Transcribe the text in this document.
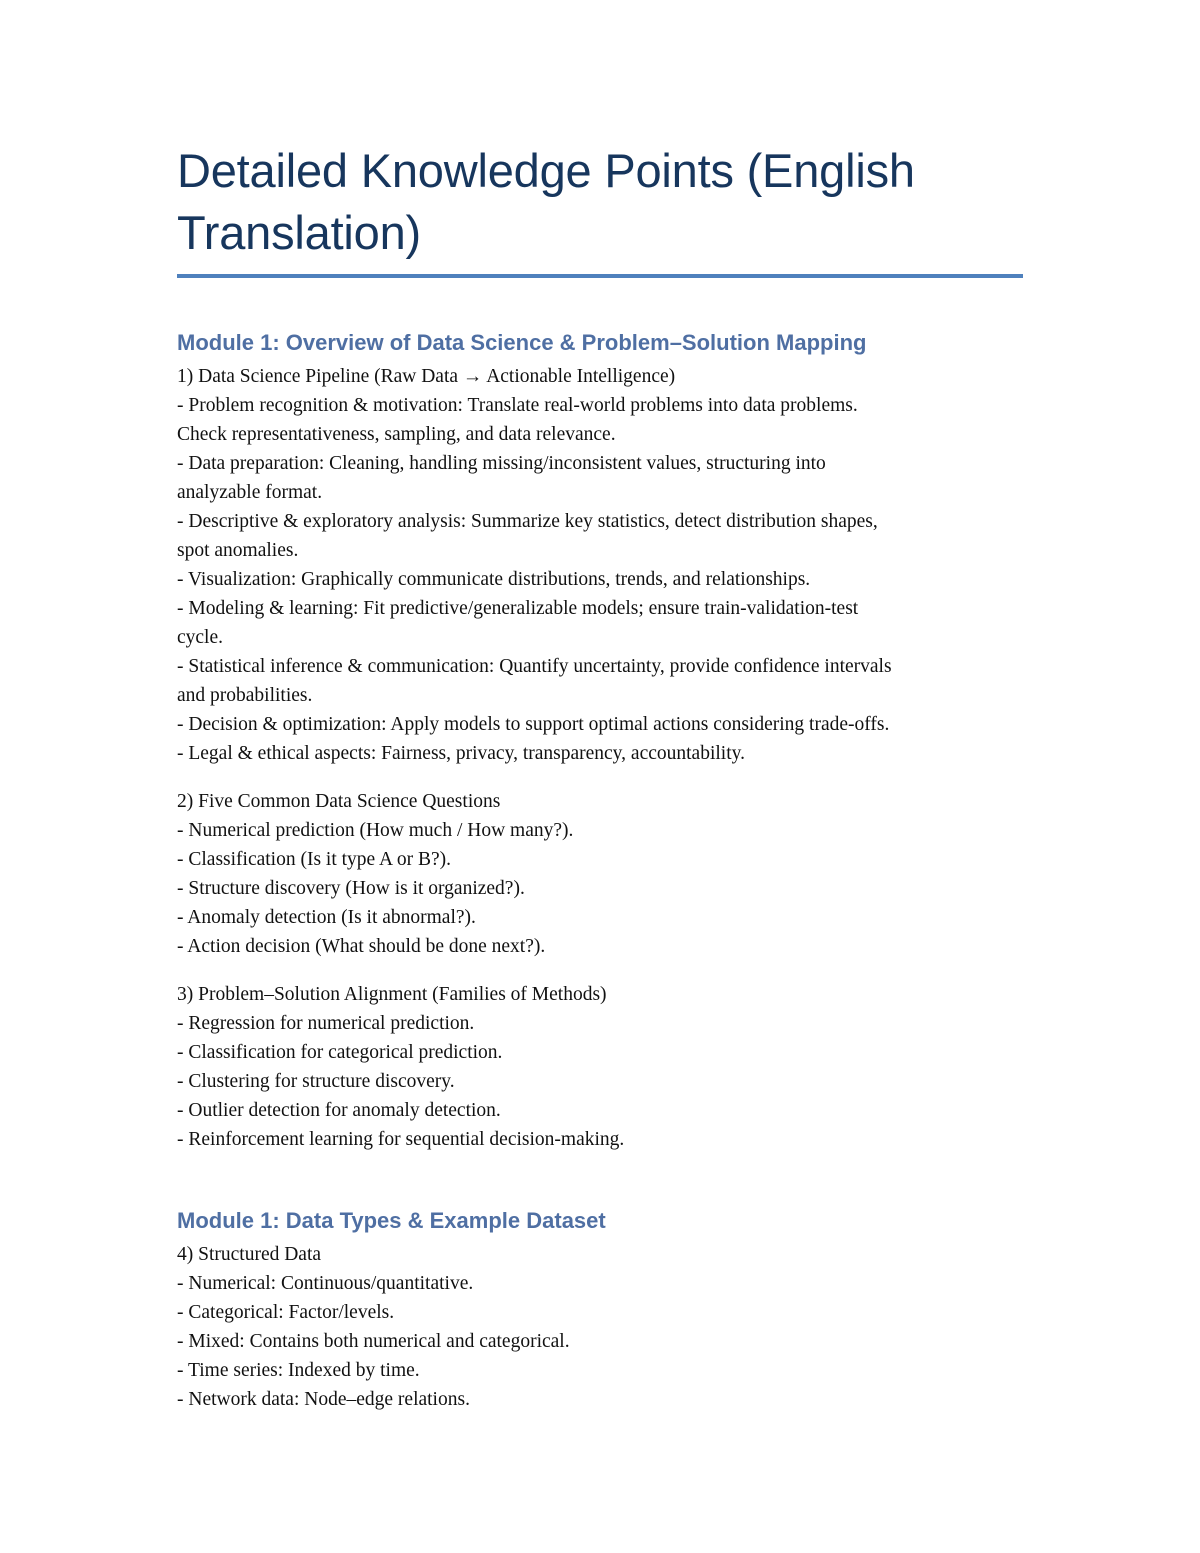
Detailed Knowledge Points (English
Translation)
Module 1: Overview of Data Science & Problem–Solution Mapping

1) Data Science Pipeline (Raw Data → Actionable Intelligence)

- Problem recognition & motivation: Translate real-world problems into data problems.

Check representativeness, sampling, and data relevance.

- Data preparation: Cleaning, handling missing/inconsistent values, structuring into

analyzable format.

- Descriptive & exploratory analysis: Summarize key statistics, detect distribution shapes,

spot anomalies.

- Visualization: Graphically communicate distributions, trends, and relationships.

- Modeling & learning: Fit predictive/generalizable models; ensure train-validation-test

cycle.

- Statistical inference & communication: Quantify uncertainty, provide confidence intervals

and probabilities.

- Decision & optimization: Apply models to support optimal actions considering trade-offs.

- Legal & ethical aspects: Fairness, privacy, transparency, accountability.

2) Five Common Data Science Questions

- Numerical prediction (How much / How many?).

- Classification (Is it type A or B?).

- Structure discovery (How is it organized?).

- Anomaly detection (Is it abnormal?).

- Action decision (What should be done next?).

3) Problem–Solution Alignment (Families of Methods)

- Regression for numerical prediction.

- Classification for categorical prediction.

- Clustering for structure discovery.

- Outlier detection for anomaly detection.

- Reinforcement learning for sequential decision-making.

Module 1: Data Types & Example Dataset

4) Structured Data

- Numerical: Continuous/quantitative.

- Categorical: Factor/levels.

- Mixed: Contains both numerical and categorical.

- Time series: Indexed by time.

- Network data: Node–edge relations.
